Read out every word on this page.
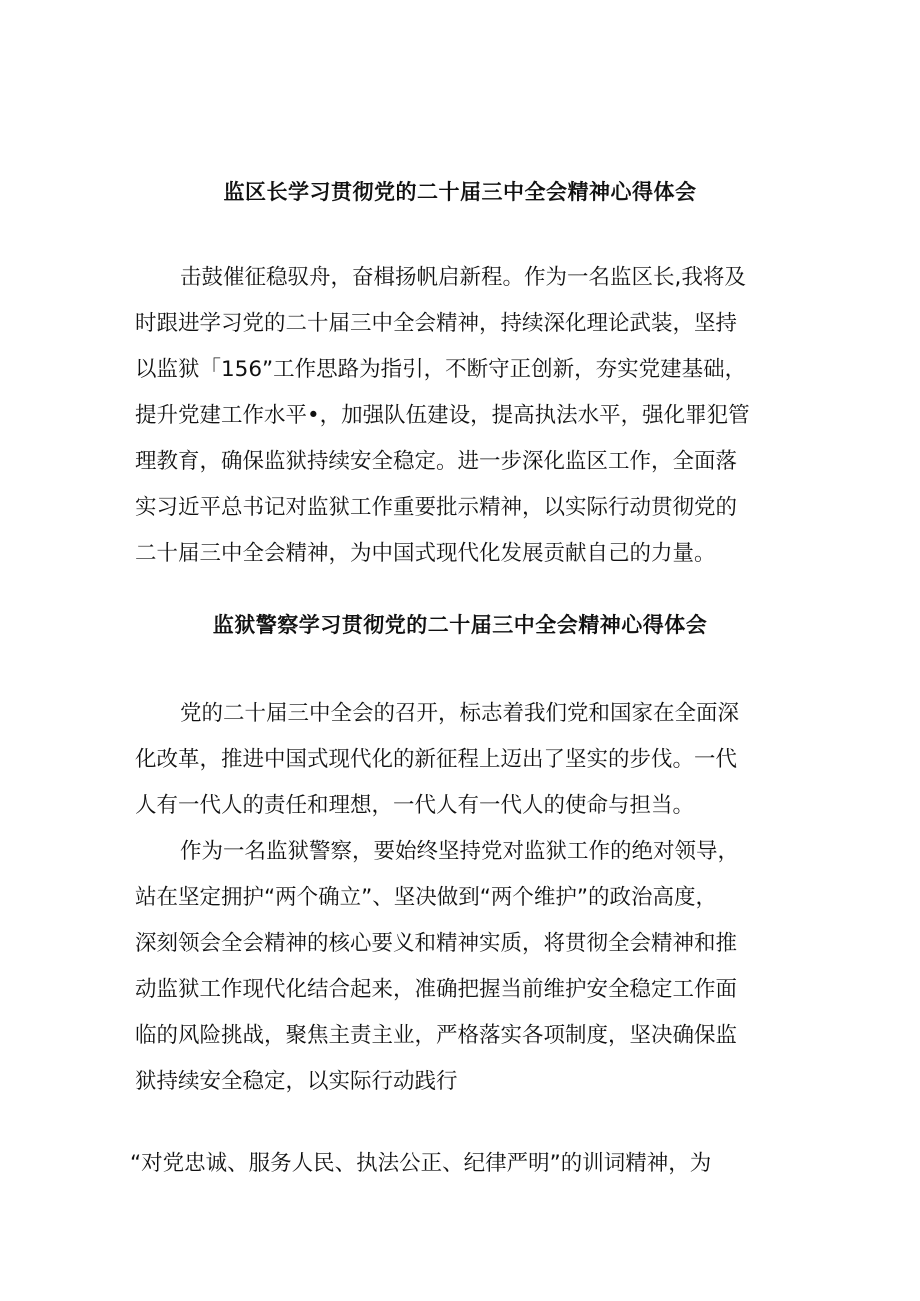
监区长学习贯彻党的二十届三中全会精神心得体会
击鼓催征稳驭舟，奋楫扬帆启新程。作为一名监区长,我将及
时跟进学习党的二十届三中全会精神，持续深化理论武装，坚持
以监狱「156”工作思路为指引，不断守正创新，夯实党建基础，
提升党建工作水平•，加强队伍建设，提高执法水平，强化罪犯管
理教育，确保监狱持续安全稳定。进一步深化监区工作，全面落
实习近平总书记对监狱工作重要批示精神，以实际行动贯彻党的
二十届三中全会精神，为中国式现代化发展贡献自己的力量。
监狱警察学习贯彻党的二十届三中全会精神心得体会
党的二十届三中全会的召开，标志着我们党和国家在全面深
化改革，推进中国式现代化的新征程上迈出了坚实的步伐。一代
人有一代人的责任和理想，一代人有一代人的使命与担当。
作为一名监狱警察，要始终坚持党对监狱工作的绝对领导，
站在坚定拥护“两个确立”、坚决做到“两个维护”的政治高度，
深刻领会全会精神的核心要义和精神实质，将贯彻全会精神和推
动监狱工作现代化结合起来，准确把握当前维护安全稳定工作面
临的风险挑战，聚焦主责主业，严格落实各项制度，坚决确保监
狱持续安全稳定，以实际行动践行
“对党忠诚、服务人民、执法公正、纪律严明”的训词精神，为
